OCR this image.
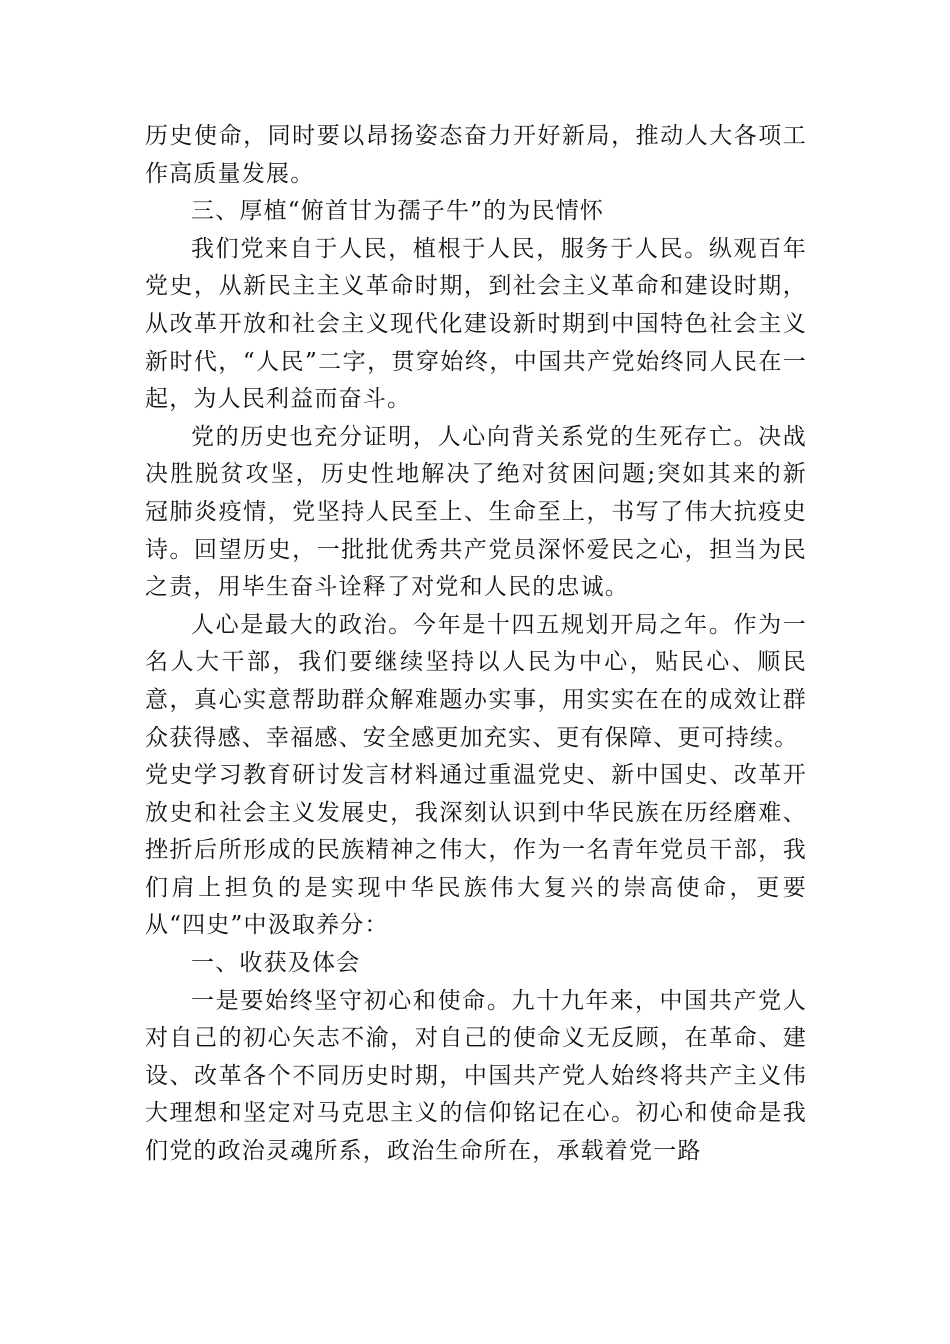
历史使命，同时要以昂扬姿态奋力开好新局，推动人大各项工作高质量发展。

三、厚植“俯首甘为孺子牛”的为民情怀

我们党来自于人民，植根于人民，服务于人民。纵观百年党史，从新民主主义革命时期，到社会主义革命和建设时期，从改革开放和社会主义现代化建设新时期到中国特色社会主义新时代，“人民”二字，贯穿始终，中国共产党始终同人民在一起，为人民利益而奋斗。

党的历史也充分证明，人心向背关系党的生死存亡。决战决胜脱贫攻坚，历史性地解决了绝对贫困问题;突如其来的新冠肺炎疫情，党坚持人民至上、生命至上，书写了伟大抗疫史诗。回望历史，一批批优秀共产党员深怀爱民之心，担当为民之责，用毕生奋斗诠释了对党和人民的忠诚。

人心是最大的政治。今年是十四五规划开局之年。作为一名人大干部，我们要继续坚持以人民为中心，贴民心、顺民意，真心实意帮助群众解难题办实事，用实实在在的成效让群众获得感、幸福感、安全感更加充实、更有保障、更可持续。

党史学习教育研讨发言材料通过重温党史、新中国史、改革开放史和社会主义发展史，我深刻认识到中华民族在历经磨难、挫折后所形成的民族精神之伟大，作为一名青年党员干部，我们肩上担负的是实现中华民族伟大复兴的崇高使命，更要从“四史”中汲取养分：

一、收获及体会

一是要始终坚守初心和使命。九十九年来，中国共产党人对自己的初心矢志不渝，对自己的使命义无反顾，在革命、建设、改革各个不同历史时期，中国共产党人始终将共产主义伟大理想和坚定对马克思主义的信仰铭记在心。初心和使命是我们党的政治灵魂所系，政治生命所在，承载着党一路
